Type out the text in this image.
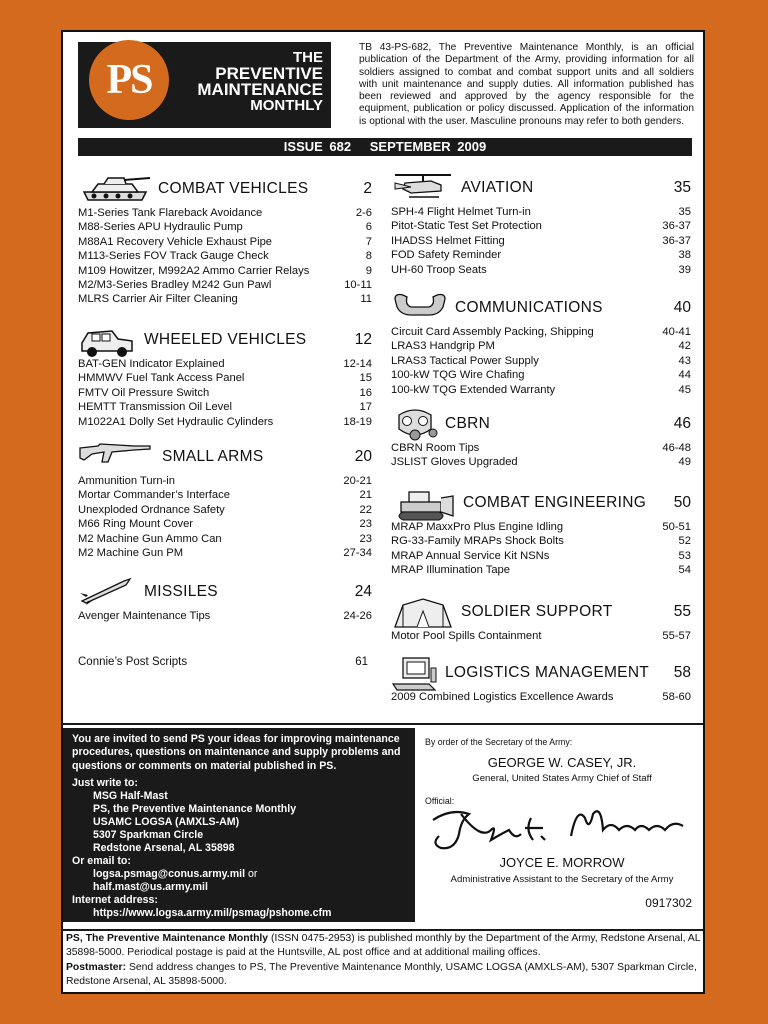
PS	THE
PREVENTIVE
MAINTENANCE
MONTHLY
TB 43-PS-682, The Preventive Maintenance Monthly, is an official publication of the Department of the Army, providing information for all soldiers assigned to combat and combat support units and all soldiers with unit maintenance and supply duties. All information published has been reviewed and approved by the agency responsible for the equipment, publication or policy discussed. Application of the information is optional with the user. Masculine pronouns may refer to both genders.
ISSUE 682 SEPTEMBER 2009
COMBAT VEHICLES	2
M1-Series Tank Flareback Avoidance	2-6
M88-Series APU Hydraulic Pump	6
M88A1 Recovery Vehicle Exhaust Pipe	7
M113-Series FOV Track Gauge Check	8
M109 Howitzer, M992A2 Ammo Carrier Relays	9
M2/M3-Series Bradley M242 Gun Pawl	10-11
MLRS Carrier Air Filter Cleaning	11
WHEELED VEHICLES	12
BAT-GEN Indicator Explained	12-14
HMMWV Fuel Tank Access Panel	15
FMTV Oil Pressure Switch	16
HEMTT Transmission Oil Level	17
M1022A1 Dolly Set Hydraulic Cylinders	18-19
SMALL ARMS	20
Ammunition Turn-in	20-21
Mortar Commander’s Interface	21
Unexploded Ordnance Safety	22
M66 Ring Mount Cover	23
M2 Machine Gun Ammo Can	23
M2 Machine Gun PM	27-34
MISSILES	24
Avenger Maintenance Tips	24-26
AVIATION	35
SPH-4 Flight Helmet Turn-in	35
Pitot-Static Test Set Protection	36-37
IHADSS Helmet Fitting	36-37
FOD Safety Reminder	38
UH-60 Troop Seats	39
COMMUNICATIONS	40
Circuit Card Assembly Packing, Shipping	40-41
LRAS3 Handgrip PM	42
LRAS3 Tactical Power Supply	43
100-kW TQG Wire Chafing	44
100-kW TQG Extended Warranty	45
CBRN	46
CBRN Room Tips	46-48
JSLIST Gloves Upgraded	49
COMBAT ENGINEERING	50
MRAP MaxxPro Plus Engine Idling	50-51
RG-33-Family MRAPs Shock Bolts	52
MRAP Annual Service Kit NSNs	53
MRAP Illumination Tape	54
SOLDIER SUPPORT	55
Motor Pool Spills Containment	55-57
LOGISTICS MANAGEMENT	58
2009 Combined Logistics Excellence Awards	58-60
Connie’s Post Scripts	61
You are invited to send PS your ideas for improving maintenance procedures, questions on maintenance and supply problems and questions or comments on material published in PS.
Just write to:
MSG Half-Mast
PS, the Preventive Maintenance Monthly
USAMC LOGSA (AMXLS-AM)
5307 Sparkman Circle
Redstone Arsenal, AL 35898
Or email to:
logsa.psmag@conus.army.mil or
half.mast@us.army.mil
Internet address:
https://www.logsa.army.mil/psmag/pshome.cfm
By order of the Secretary of the Army:
GEORGE W. CASEY, JR.
General, United States Army Chief of Staff
Official:
JOYCE E. MORROW
Administrative Assistant to the Secretary of the Army
0917302
PS, The Preventive Maintenance Monthly (ISSN 0475-2953) is published monthly by the Department of the Army, Redstone Arsenal, AL 35898-5000. Periodical postage is paid at the Huntsville, AL post office and at additional mailing offices.
Postmaster: Send address changes to PS, The Preventive Maintenance Monthly, USAMC LOGSA (AMXLS-AM), 5307 Sparkman Circle, Redstone Arsenal, AL 35898-5000.
